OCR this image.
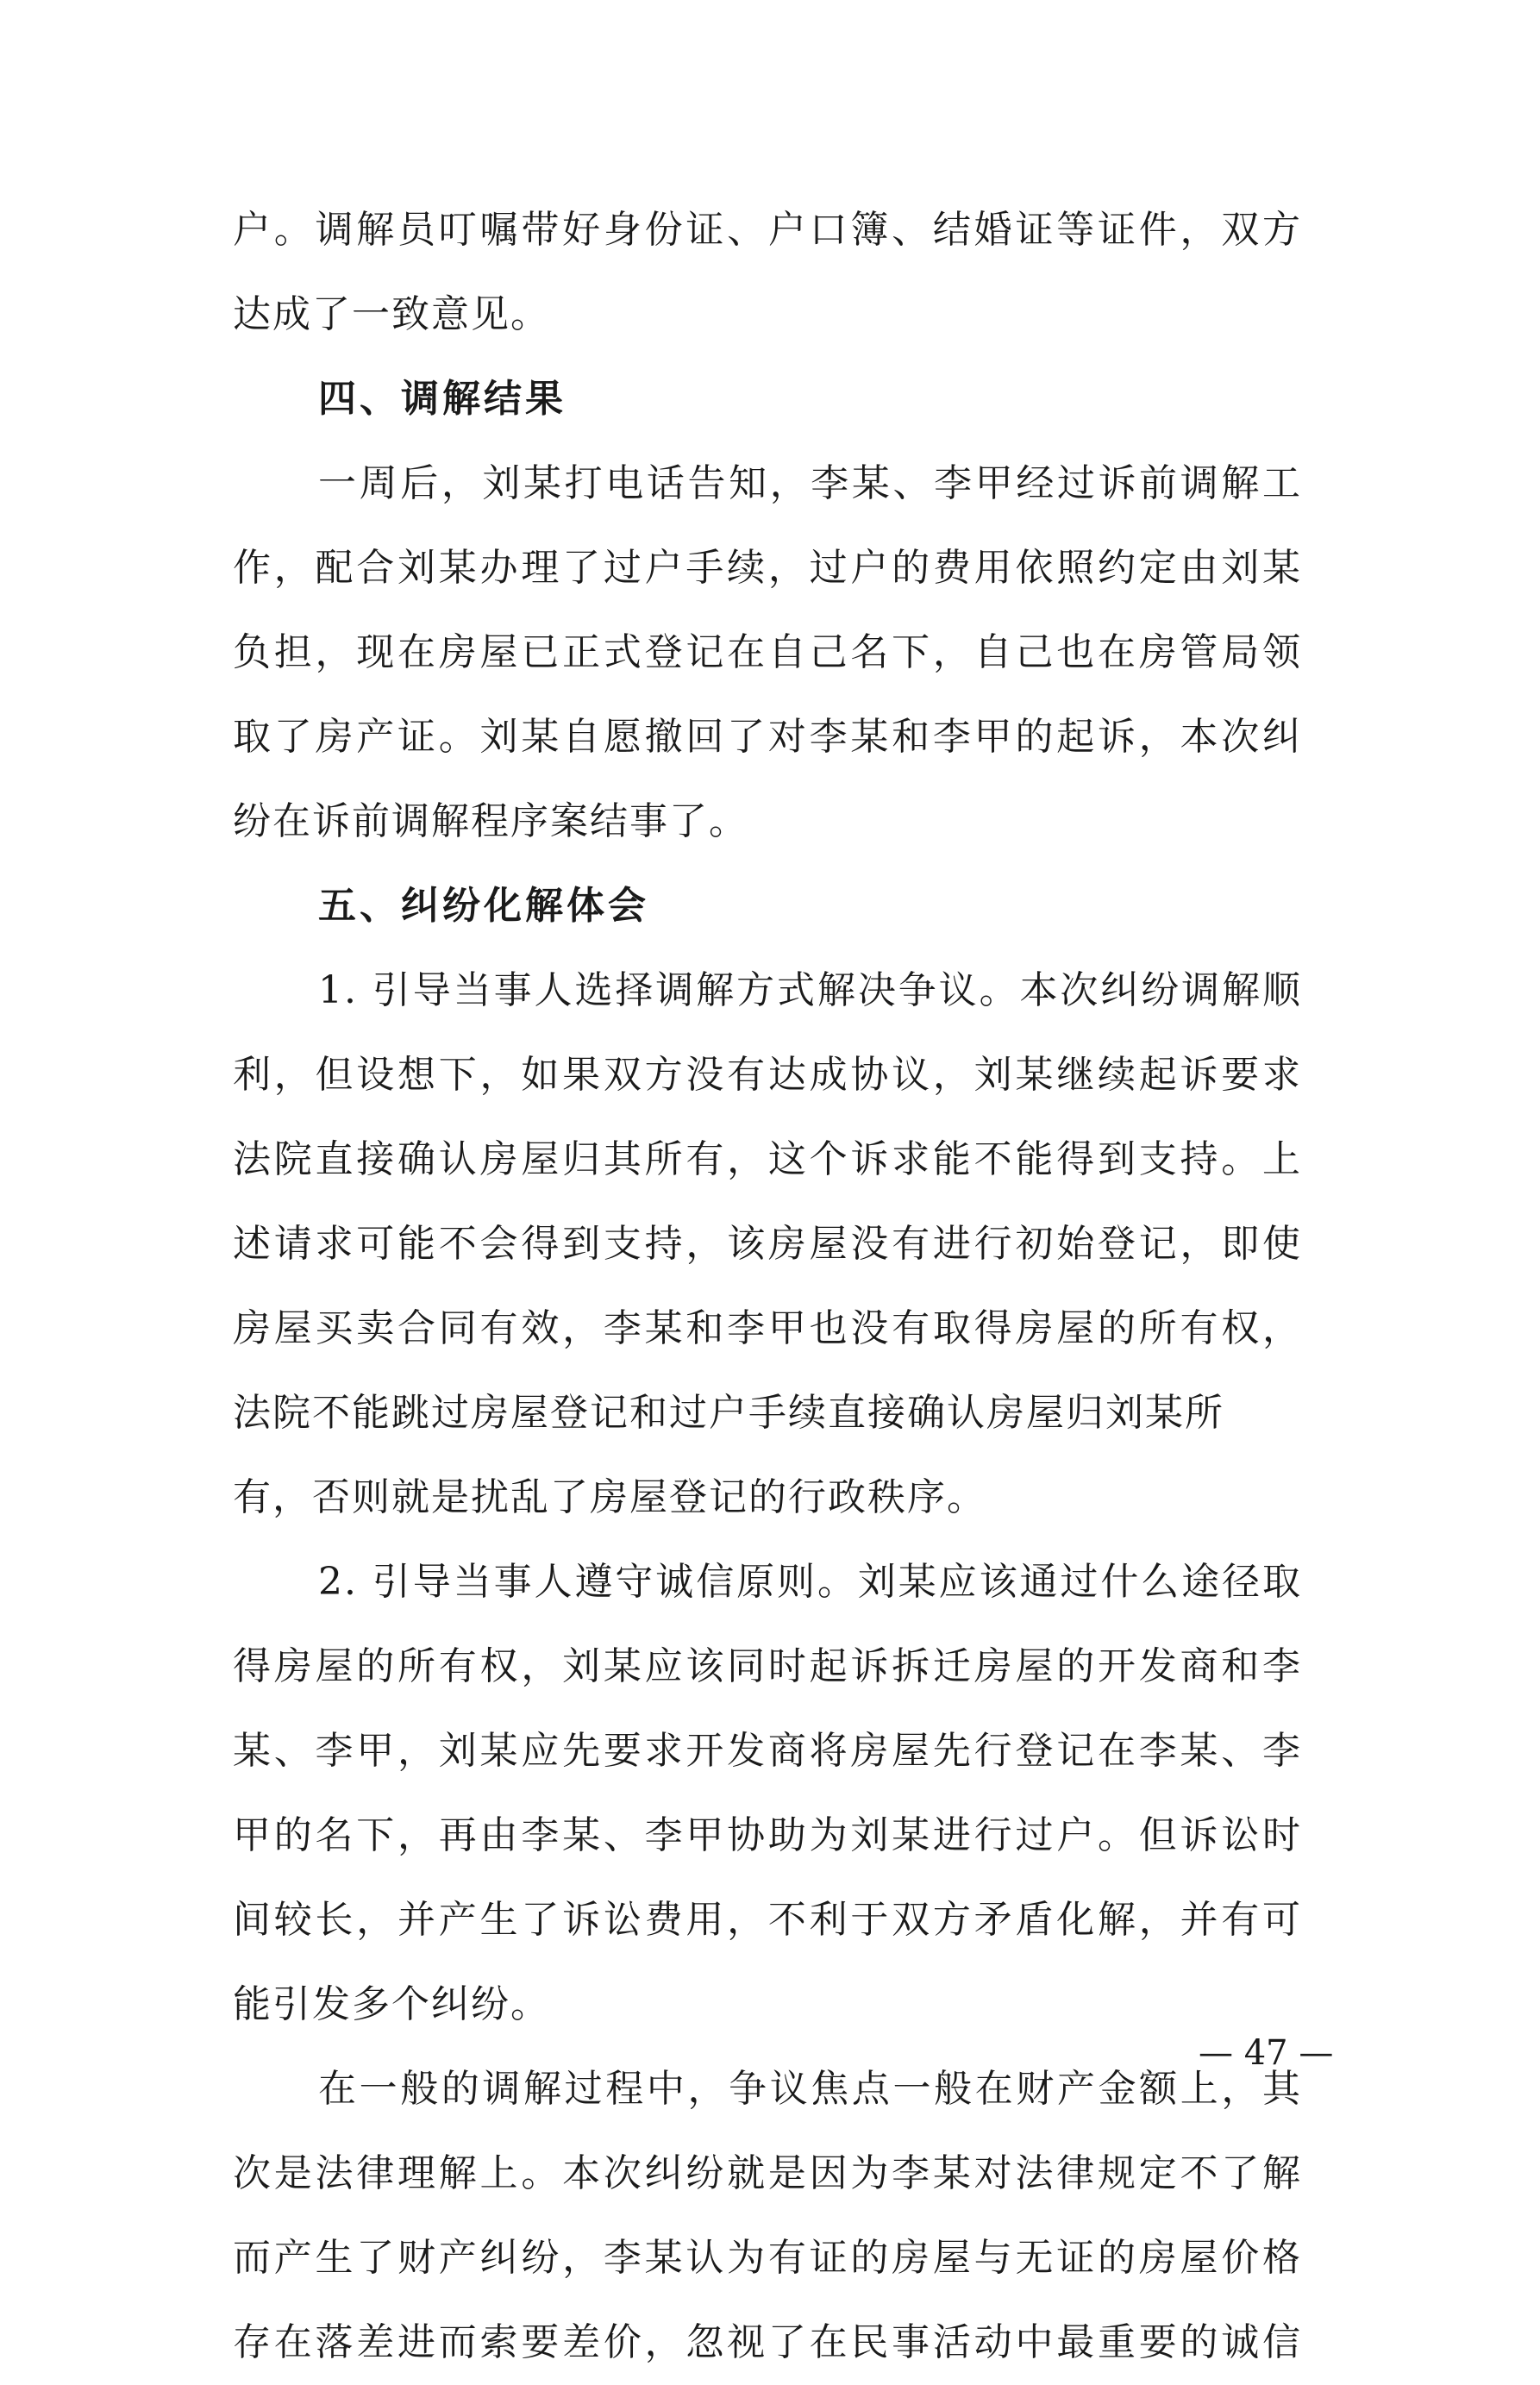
户。调解员叮嘱带好身份证、户口簿、结婚证等证件，双方
达成了一致意见。
四、调解结果
一周后，刘某打电话告知，李某、李甲经过诉前调解工
作，配合刘某办理了过户手续，过户的费用依照约定由刘某
负担，现在房屋已正式登记在自己名下，自己也在房管局领
取了房产证。刘某自愿撤回了对李某和李甲的起诉，本次纠
纷在诉前调解程序案结事了。
五、纠纷化解体会
1. 引导当事人选择调解方式解决争议。本次纠纷调解顺
利，但设想下，如果双方没有达成协议，刘某继续起诉要求
法院直接确认房屋归其所有，这个诉求能不能得到支持。上
述请求可能不会得到支持，该房屋没有进行初始登记，即使
房屋买卖合同有效，李某和李甲也没有取得房屋的所有权，
法院不能跳过房屋登记和过户手续直接确认房屋归刘某所
有，否则就是扰乱了房屋登记的行政秩序。
2. 引导当事人遵守诚信原则。刘某应该通过什么途径取
得房屋的所有权，刘某应该同时起诉拆迁房屋的开发商和李
某、李甲，刘某应先要求开发商将房屋先行登记在李某、李
甲的名下，再由李某、李甲协助为刘某进行过户。但诉讼时
间较长，并产生了诉讼费用，不利于双方矛盾化解，并有可
能引发多个纠纷。
在一般的调解过程中，争议焦点一般在财产金额上，其
次是法律理解上。本次纠纷就是因为李某对法律规定不了解
而产生了财产纠纷，李某认为有证的房屋与无证的房屋价格
存在落差进而索要差价，忽视了在民事活动中最重要的诚信
— 47 —
